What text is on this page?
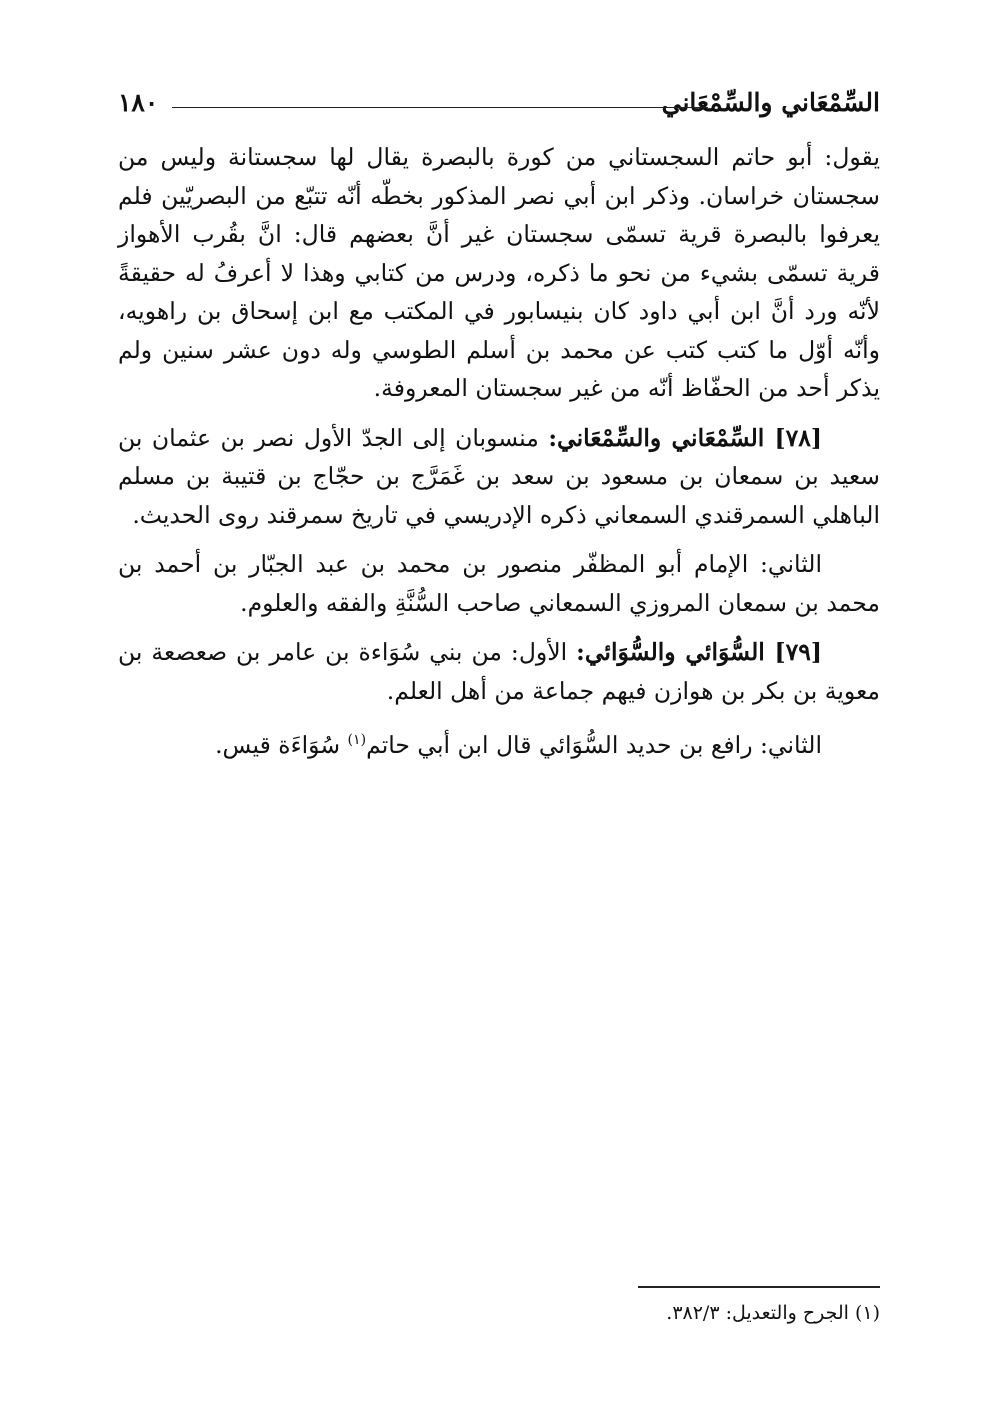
السِّمْعَاني والسِّمْعَاني
١٨٠

يقول: أبو حاتم السجستاني من كورة بالبصرة يقال لها سجستانة وليس من سجستان خراسان. وذكر ابن أبي نصر المذكور بخطّه أنّه تتبّع من البصريّين فلم يعرفوا بالبصرة قرية تسمّى سجستان غير أنَّ بعضهم قال: انَّ بقُرب الأهواز قرية تسمّى بشيء من نحو ما ذكره، ودرس من كتابي وهذا لا أعرفُ له حقيقةً لأنّه ورد أنَّ ابن أبي داود كان بنيسابور في المكتب مع ابن إسحاق بن راهويه، وأنّه أوّل ما كتب كتب عن محمد بن أسلم الطوسي وله دون عشر سنين ولم يذكر أحد من الحفّاظ أنّه من غير سجستان المعروفة.

[٧٨] السِّمْعَاني والسِّمْعَاني: منسوبان إلى الجدّ الأول نصر بن عثمان بن سعيد بن سمعان بن مسعود بن سعد بن غَمَرَّج بن حجّاج بن قتيبة بن مسلم الباهلي السمرقندي السمعاني ذكره الإدريسي في تاريخ سمرقند روى الحديث.

الثاني: الإمام أبو المظفّر منصور بن محمد بن عبد الجبّار بن أحمد بن محمد بن سمعان المروزي السمعاني صاحب السُّنَّةِ والفقه والعلوم.

[٧٩] السُّوَائي والسُّوَائي: الأول: من بني سُوَاءة بن عامر بن صعصعة بن معوية بن بكر بن هوازن فيهم جماعة من أهل العلم.

الثاني: رافع بن حديد السُّوَائي قال ابن أبي حاتم$^{(١)}$ سُوَاءَة قيس.

(١) الجرح والتعديل: ٣٨٢/٣.
